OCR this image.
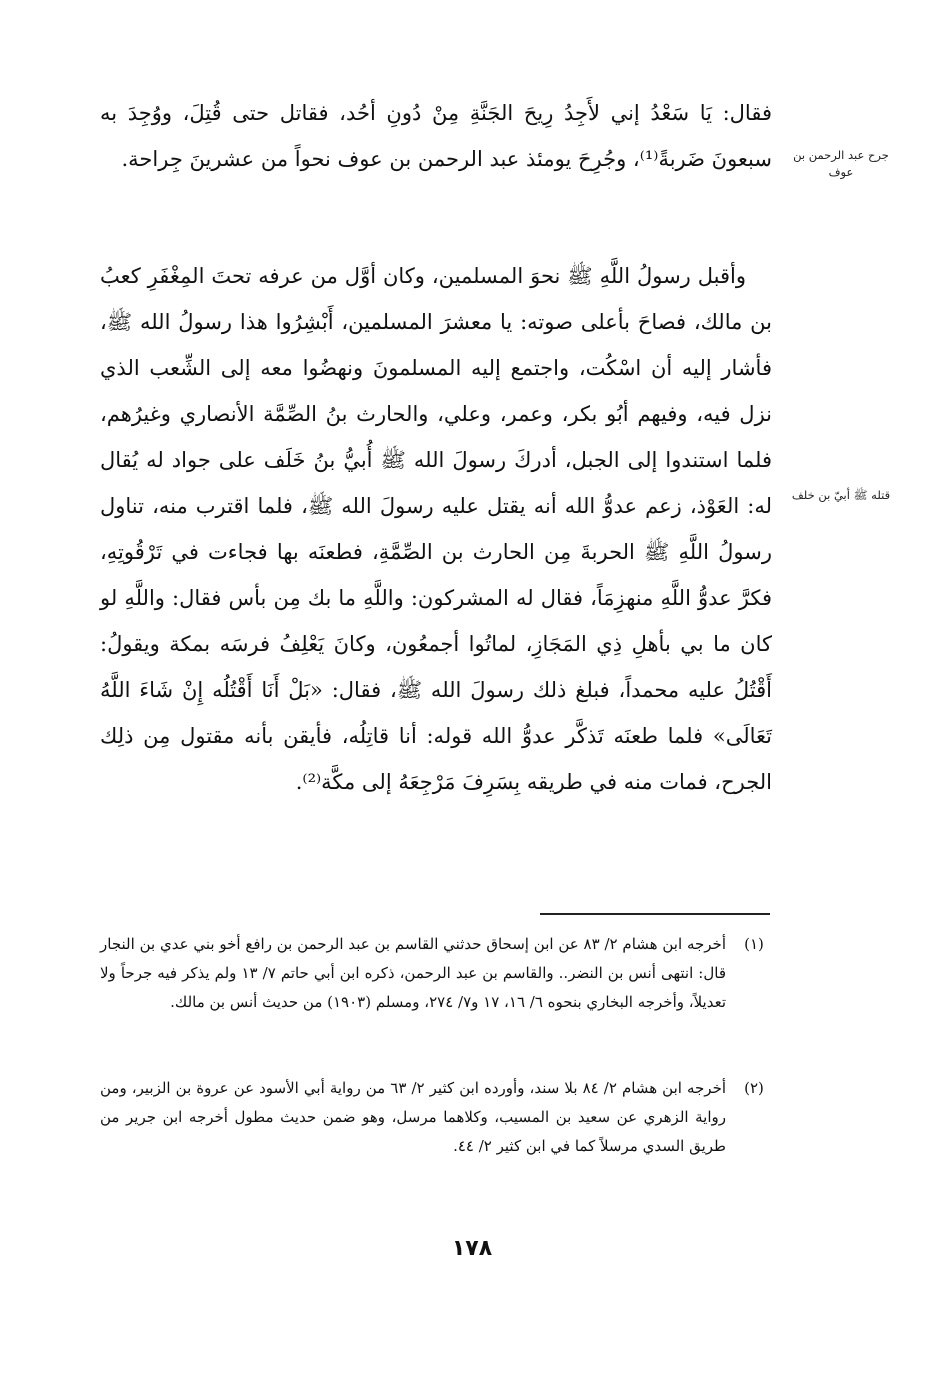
فقال: يَا سَعْدُ إني لأَجِدُ رِيحَ الجَنَّةِ مِنْ دُونِ أحُد، فقاتل حتى قُتِلَ، ووُجِدَ به سبعونَ ضَربةً⁽¹⁾، وجُرِحَ يومئذ عبد الرحمن بن عوف نحواً من عشرينَ جِراحة.	جرح عبد الرحمن بن عوف
وأقبل رسولُ اللَّهِ ﷺ نحوَ المسلمين، وكان أوَّل من عرفه تحتَ المِغْفَرِ كعبُ بن مالك، فصاحَ بأعلى صوته: يا معشرَ المسلمين، أَبْشِرُوا هذا رسولُ الله ﷺ، فأشار إليه أن اسْكُت، واجتمع إليه المسلمونَ ونهضُوا معه إلى الشِّعب الذي نزل فيه، وفيهم أبُو بكر، وعمر، وعلي، والحارث بنُ الصِّمَّة الأنصاري وغيرُهم، فلما استندوا إلى الجبل، أدركَ رسولَ الله ﷺ أُبيُّ بنُ خَلَف على جواد له يُقال له: العَوْذ، زعم عدوُّ الله أنه يقتل عليه رسولَ الله ﷺ، فلما اقترب منه، تناول رسولُ اللَّهِ ﷺ الحربةَ مِن الحارث بن الصِّمَّةِ، فطعنَه بها فجاءت في تَرْقُوتِهِ، فكرَّ عدوُّ اللَّهِ منهزِمَاً، فقال له المشركون: واللَّهِ ما بك مِن بأس فقال: واللَّهِ لو كان ما بي بأهلِ ذِي المَجَازِ، لماتُوا أجمعُون، وكانَ يَعْلِفُ فرسَه بمكة ويقولُ: أَقْتُلُ عليه محمداً، فبلغ ذلك رسولَ الله ﷺ، فقال: «بَلْ أَنَا أَقْتُلُه إِنْ شَاءَ اللَّهُ تَعَالَى» فلما طعنَه تَذكَّر عدوُّ الله قوله: أنا قاتِلُه، فأيقن بأنه مقتول مِن ذلِك الجرح، فمات منه في طريقه بِسَرِفَ مَرْجِعَهُ إلى مكَّة⁽²⁾.
قتله ﷺ أبيّ بن خلف
(١)
أخرجه ابن هشام ٢/ ٨٣ عن ابن إسحاق حدثني القاسم بن عبد الرحمن بن رافع أخو بني عدي بن النجار قال: انتهى أنس بن النضر.. والقاسم بن عبد الرحمن، ذكره ابن أبي حاتم ٧/ ١٣ ولم يذكر فيه جرحاً ولا تعديلاً، وأخرجه البخاري بنحوه ٦/ ١٦، ١٧ و٧/ ٢٧٤، ومسلم (١٩٠٣) من حديث أنس بن مالك.
(٢)
أخرجه ابن هشام ٢/ ٨٤ بلا سند، وأورده ابن كثير ٢/ ٦٣ من رواية أبي الأسود عن عروة بن الزبير، ومن رواية الزهري عن سعيد بن المسيب، وكلاهما مرسل، وهو ضمن حديث مطول أخرجه ابن جرير من طريق السدي مرسلاً كما في ابن كثير ٢/ ٤٤.
١٧٨
